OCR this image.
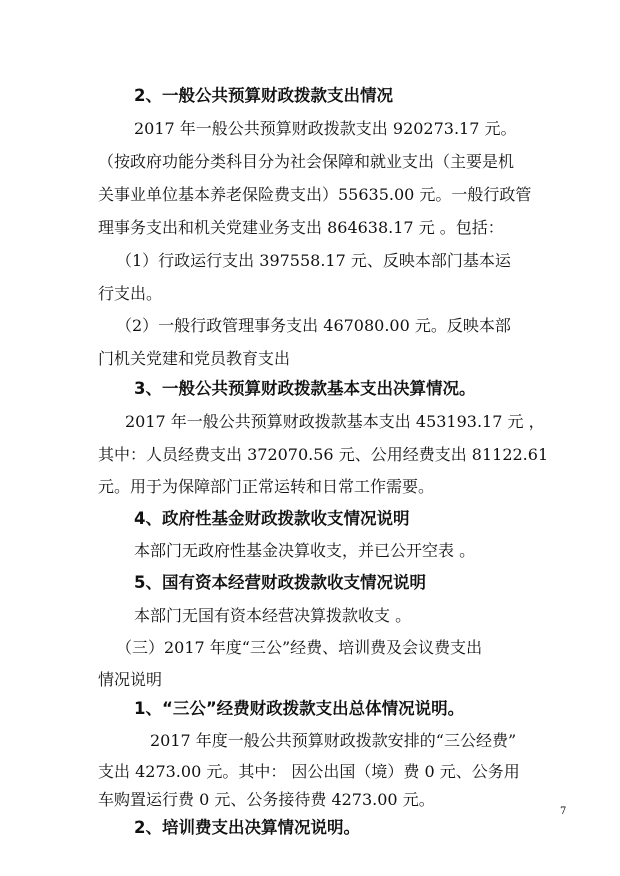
2、一般公共预算财政拨款支出情况
2017 年一般公共预算财政拨款支出 920273.17 元。
（按政府功能分类科目分为社会保障和就业支出（主要是机
关事业单位基本养老保险费支出）55635.00 元。一般行政管
理事务支出和机关党建业务支出 864638.17 元 。包括：
（1）行政运行支出 397558.17 元、反映本部门基本运
行支出。
（2）一般行政管理事务支出 467080.00 元。反映本部
门机关党建和党员教育支出
3、一般公共预算财政拨款基本支出决算情况。
2017 年一般公共预算财政拨款基本支出 453193.17 元 ，
其中：人员经费支出 372070.56 元、公用经费支出 81122.61
元。用于为保障部门正常运转和日常工作需要。
4、政府性基金财政拨款收支情况说明
本部门无政府性基金决算收支，并已公开空表 。
5、国有资本经营财政拨款收支情况说明
本部门无国有资本经营决算拨款收支 。
（三）2017 年度“三公”经费、培训费及会议费支出
情况说明
1、“三公”经费财政拨款支出总体情况说明。
2017 年度一般公共预算财政拨款安排的“三公经费”
支出 4273.00 元。其中： 因公出国（境）费 0 元、公务用
车购置运行费 0 元、公务接待费 4273.00 元。
2、培训费支出决算情况说明。
7
